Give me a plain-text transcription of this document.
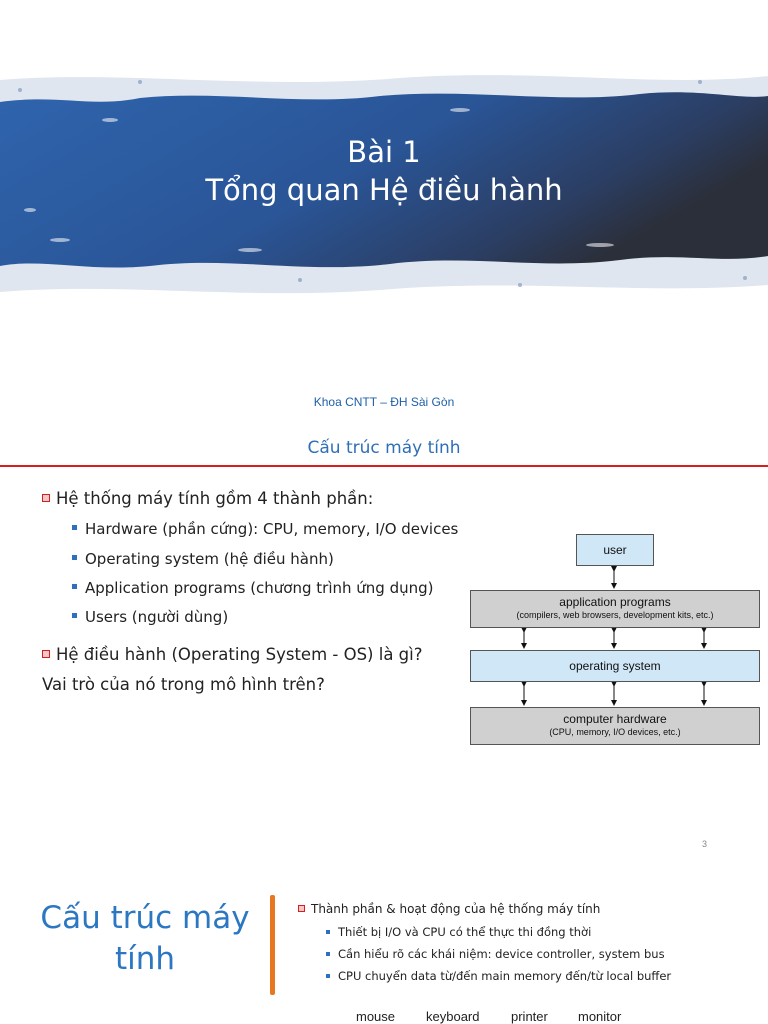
Bài 1
Tổng quan Hệ điều hành
Khoa CNTT – ĐH Sài Gòn
Cấu trúc máy tính
Hệ thống máy tính gồm 4 thành phần:
Hardware (phần cứng): CPU, memory, I/O devices
Operating system (hệ điều hành)
Application programs (chương trình ứng dụng)
Users (người dùng)
Hệ điều hành (Operating System - OS) là gì? Vai trò của nó trong mô hình trên?
user
application programs
(compilers, web browsers, development kits, etc.)
operating system
computer hardware
(CPU, memory, I/O devices, etc.)
3
Cấu trúc máy tính
Thành phần & hoạt động của hệ thống máy tính
Thiết bị I/O và CPU có thể thực thi đồng thời
Cần hiểu rõ các khái niệm: device controller, system bus
CPU chuyển data từ/đến main memory đến/từ local buffer
mouse keyboard printer monitor
